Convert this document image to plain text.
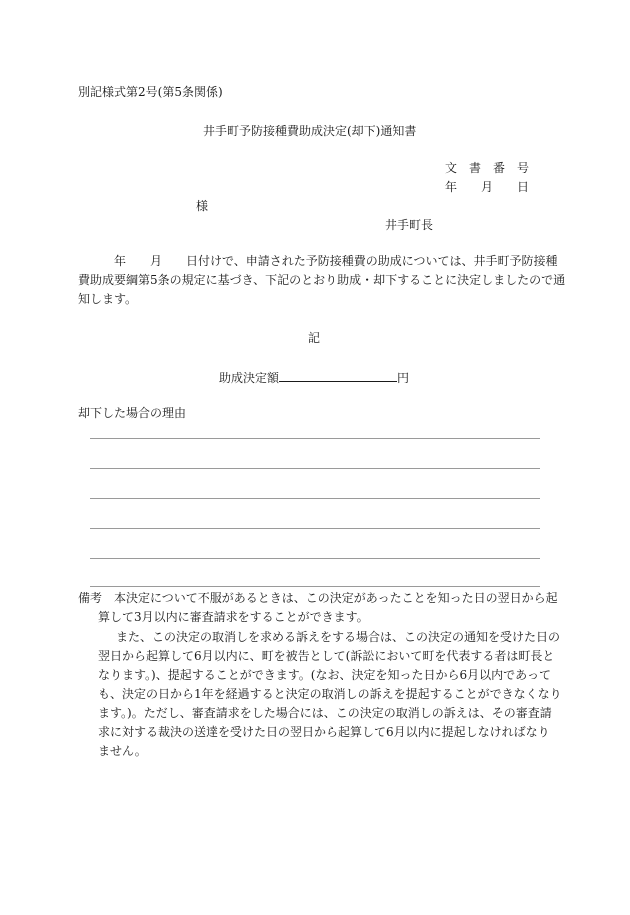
別記様式第2号(第5条関係)
井手町予防接種費助成決定(却下)通知書
文　書　番　号
年　　月　　日
様
井手町長
年　　月　　日付けで、申請された予防接種費の助成については、井手町予防接種
費助成要綱第5条の規定に基づき、下記のとおり助成・却下することに決定しましたので通
知します。
記
助成決定額	円
却下した場合の理由
備考 本決定について不服があるときは、この決定があったことを知った日の翌日から起
算して3月以内に審査請求をすることができます。
また、この決定の取消しを求める訴えをする場合は、この決定の通知を受けた日の
翌日から起算して6月以内に、町を被告として(訴訟において町を代表する者は町長と
なります。)、提起することができます。(なお、決定を知った日から6月以内であって
も、決定の日から1年を経過すると決定の取消しの訴えを提起することができなくなり
ます。)。ただし、審査請求をした場合には、この決定の取消しの訴えは、その審査請
求に対する裁決の送達を受けた日の翌日から起算して6月以内に提起しなければなり
ません。
